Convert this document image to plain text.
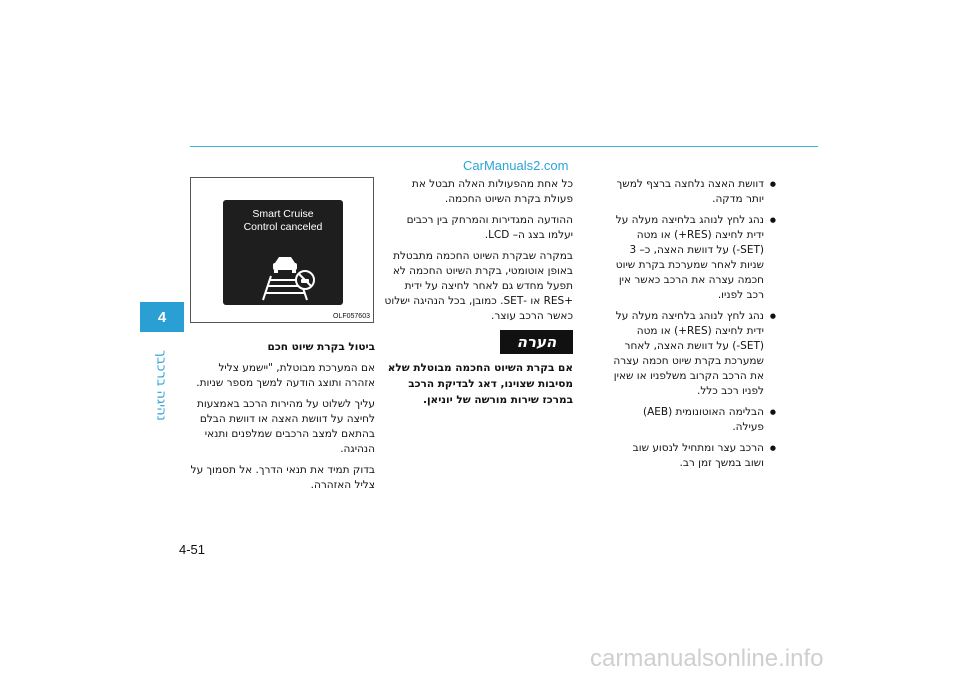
CarManuals2.com
4
נהיגה ברכבך
● דוושת האצה נלחצה ברצף למשך יותר מדקה.
● נהג לחץ לנוהג בלחיצה מעלה על ידית לחיצה (RES+) או מטה (SET-) על דוושת האצה, כ– 3 שניות לאחר שמערכת בקרת שיוט חכמה עצרה את הרכב כאשר אין רכב לפניו.
● נהג לחץ לנוהג בלחיצה מעלה על ידית לחיצה (RES+) או מטה (SET-) על דוושת האצה, לאחר שמערכת בקרת שיוט חכמה עצרה את הרכב הקרוב משלפניו או שאין לפניו רכב כלל.
● הבלימה האוטונומית (AEB) פעילה.
● הרכב עצר ומתחיל לנסוע שוב ושוב במשך זמן רב.

כל אחת מהפעולות האלה תבטל את פעולת בקרת השיוט החכמה.

ההודעה המגדירות והמרחק בין רכבים יעלמו בצג ה– LCD.

במקרה שבקרת השיוט החכמה מתבטלת באופן אוטומטי, בקרת השיוט החכמה לא תפעל מחדש גם לאחר לחיצה על ידית +RES או -SET. כמובן, בכל הנהיגה ישלוט כאשר הרכב עוצר.

הערה
אם בקרת השיוט החכמה מבוטלת שלא מסיבות שצוינו, דאג לבדיקת הרכב במרכז שירות מורשה של יוניאן.
Smart Cruise
Control canceled
OLF057603
ביטול בקרת שיוט חכם

אם המערכת מבוטלת, "יישמע צליל אזהרה ותוצג הודעה למשך מספר שניות.

עליך לשלוט על מהירות הרכב באמצעות לחיצה על דוושת האצה או דוושת הבלם בהתאם למצב הרכבים שמלפנים ותנאי הנהיגה.

בדוק תמיד את תנאי הדרך. אל תסמוך על צליל האזהרה.

4-51
carmanualsonline.info
